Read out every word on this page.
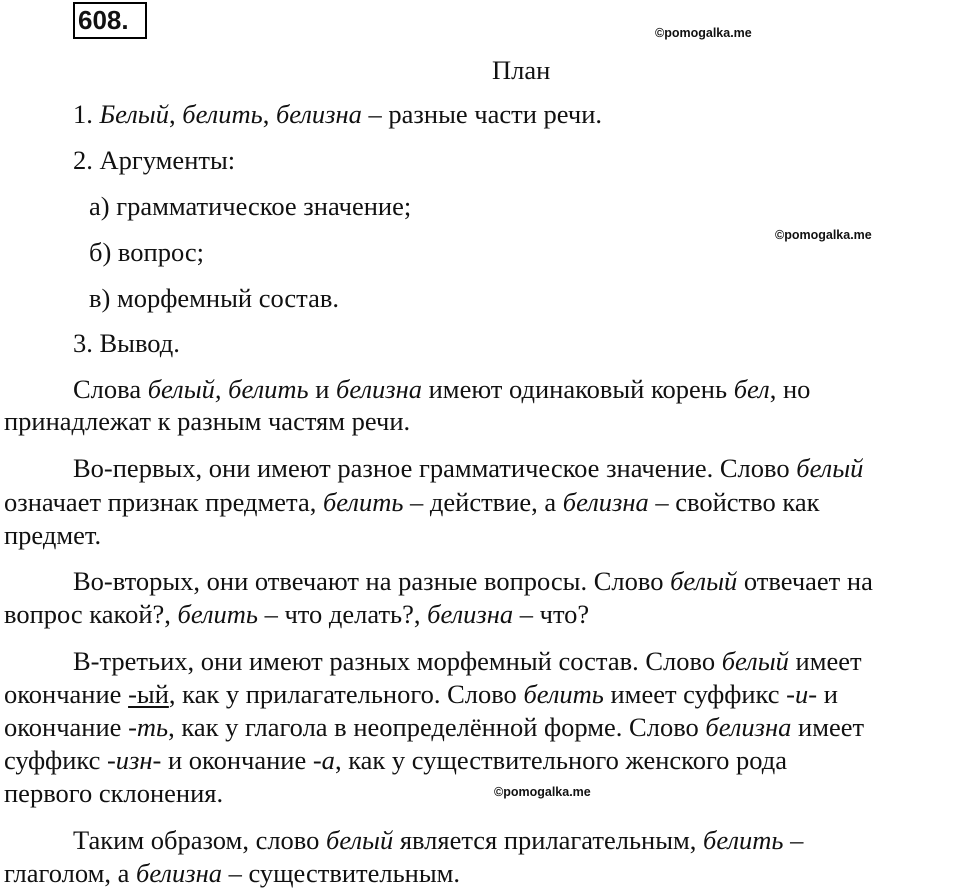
608.	©pomogalka.me
©pomogalka.me
©pomogalka.me
План
1. Белый, белить, белизна – разные части речи.
2. Аргументы:
а) грамматическое значение;
б) вопрос;
в) морфемный состав.
3. Вывод.
Слова белый, белить и белизна имеют одинаковый корень бел, но
принадлежат к разным частям речи.
Во-первых, они имеют разное грамматическое значение. Слово белый
означает признак предмета, белить – действие, а белизна – свойство как
предмет.
Во-вторых, они отвечают на разные вопросы. Слово белый отвечает на
вопрос какой?, белить – что делать?, белизна – что?
В-третьих, они имеют разных морфемный состав. Слово белый имеет
окончание -ый, как у прилагательного. Слово белить имеет суффикс -и- и
окончание -ть, как у глагола в неопределённой форме. Слово белизна имеет
суффикс -изн- и окончание -а, как у существительного женского рода
первого склонения.
Таким образом, слово белый является прилагательным, белить –
глаголом, а белизна – существительным.
